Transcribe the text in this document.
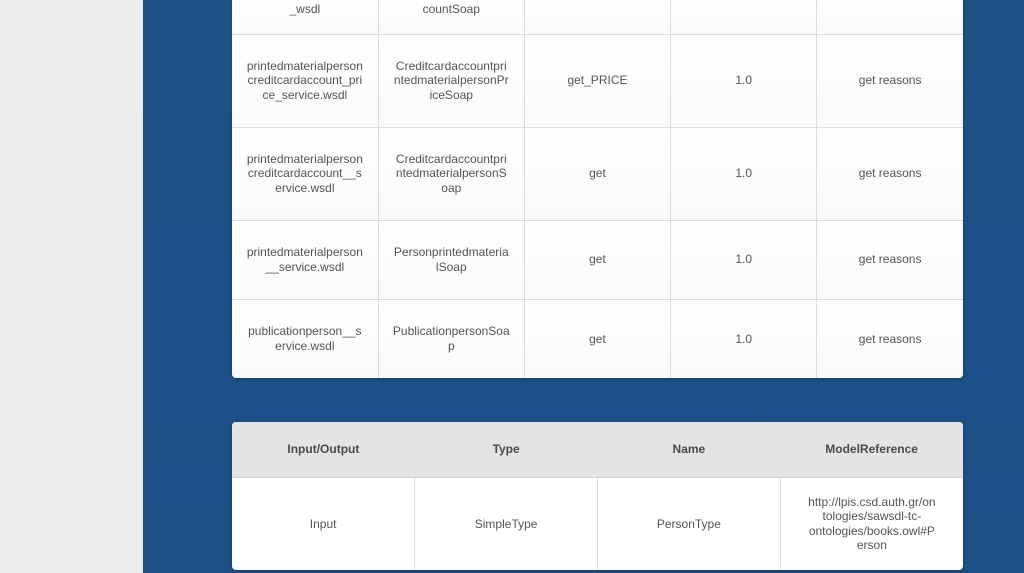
_wsdl	countSoap			

printedmaterialpersoncreditcardaccount_price_service.wsdl	CreditcardaccountprintedmaterialpersonPriceSoap	get_PRICE	1.0	get reasons
printedmaterialpersoncreditcardaccount__service.wsdl	CreditcardaccountprintedmaterialpersonSoap	get	1.0	get reasons
printedmaterialperson__service.wsdl	PersonprintedmaterialSoap	get	1.0	get reasons
publicationperson__service.wsdl	PublicationpersonSoap	get	1.0	get reasons
Input/Output	Type	Name	ModelReference
Input	SimpleType	PersonType	http://lpis.csd.auth.gr/ontologies/sawsdl-tc-ontologies/books.owl#Person
